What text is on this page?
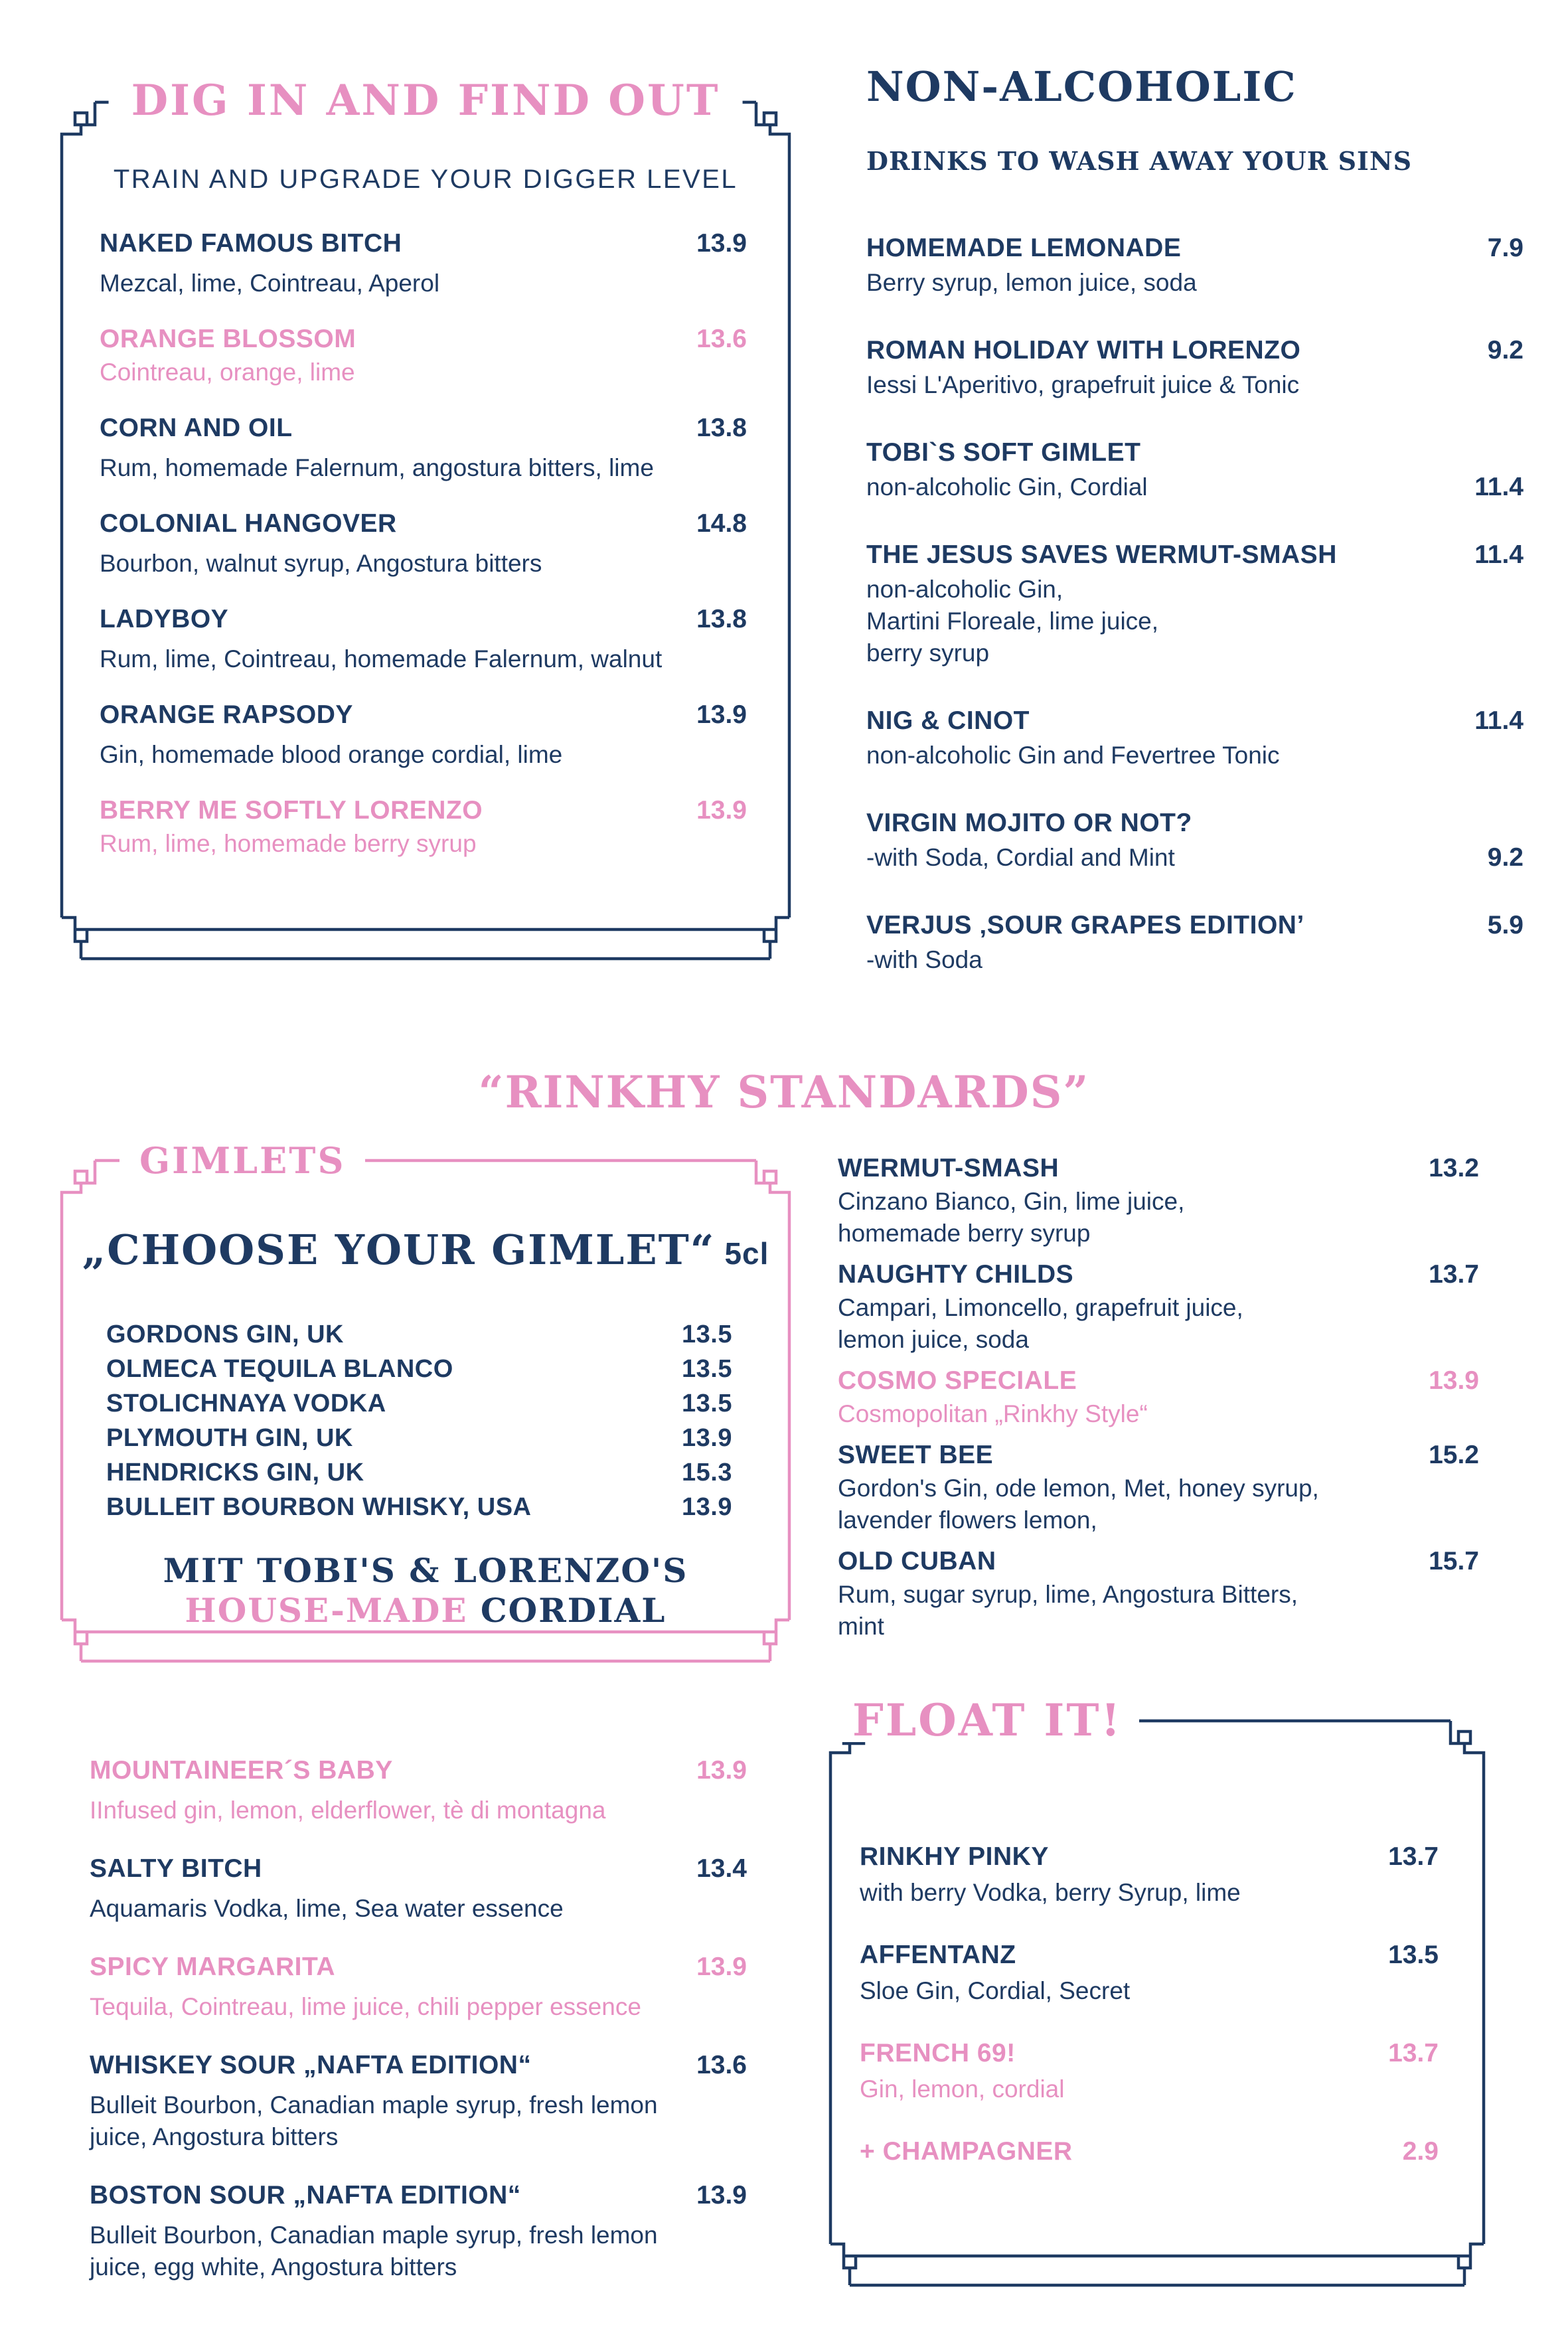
DIG IN AND FIND OUT
TRAIN AND UPGRADE YOUR DIGGER LEVEL
NAKED FAMOUS BITCH	13.9
Mezcal, lime, Cointreau, Aperol
ORANGE BLOSSOM	13.6
Cointreau, orange, lime
CORN AND OIL	13.8
Rum, homemade Falernum, angostura bitters, lime
COLONIAL HANGOVER	14.8
Bourbon, walnut syrup, Angostura bitters
LADYBOY	13.8
Rum, lime, Cointreau, homemade Falernum, walnut
ORANGE RAPSODY	13.9
Gin, homemade blood orange cordial, lime
BERRY ME SOFTLY LORENZO	13.9
Rum, lime, homemade berry syrup
NON-ALCOHOLIC
DRINKS TO WASH AWAY YOUR SINS
HOMEMADE LEMONADE	7.9
Berry syrup, lemon juice, soda
ROMAN HOLIDAY WITH LORENZO	9.2
Iessi L'Aperitivo, grapefruit juice & Tonic
TOBI`S SOFT GIMLET
non-alcoholic Gin, Cordial	11.4
THE JESUS SAVES WERMUT-SMASH	11.4
non-alcoholic Gin,
Martini Floreale, lime juice,
berry syrup
NIG & CINOT	11.4
non-alcoholic Gin and Fevertree Tonic
VIRGIN MOJITO OR NOT?
-with Soda, Cordial and Mint	9.2
VERJUS ‚SOUR GRAPES EDITION’	5.9
-with Soda
“RINKHY STANDARDS”
GIMLETS
„CHOOSE YOUR GIMLET“ 5cl
GORDONS GIN, UK	13.5
OLMECA TEQUILA BLANCO	13.5
STOLICHNAYA VODKA	13.5
PLYMOUTH GIN, UK	13.9
HENDRICKS GIN, UK	15.3
BULLEIT BOURBON WHISKY, USA	13.9
MIT TOBI'S & LORENZO'S
HOUSE-MADE CORDIAL
WERMUT-SMASH	13.2
Cinzano Bianco, Gin, lime juice,
homemade berry syrup
NAUGHTY CHILDS	13.7
Campari, Limoncello, grapefruit juice,
lemon juice, soda
COSMO SPECIALE	13.9
Cosmopolitan „Rinkhy Style“
SWEET BEE	15.2
Gordon's Gin, ode lemon, Met, honey syrup,
lavender flowers lemon,
OLD CUBAN	15.7
Rum, sugar syrup, lime, Angostura Bitters,
mint
MOUNTAINEER´S BABY	13.9
IInfused gin, lemon, elderflower, tè di montagna
SALTY BITCH	13.4
Aquamaris Vodka, lime, Sea water essence
SPICY MARGARITA	13.9
Tequila, Cointreau, lime juice, chili pepper essence
WHISKEY SOUR „NAFTA EDITION“	13.6
Bulleit Bourbon, Canadian maple syrup, fresh lemon
juice, Angostura bitters
BOSTON SOUR „NAFTA EDITION“	13.9
Bulleit Bourbon, Canadian maple syrup, fresh lemon
juice, egg white, Angostura bitters
FLOAT IT!
RINKHY PINKY	13.7
with berry Vodka, berry Syrup, lime
AFFENTANZ	13.5
Sloe Gin, Cordial, Secret
FRENCH 69!	13.7
Gin, lemon, cordial
+ CHAMPAGNER	2.9
